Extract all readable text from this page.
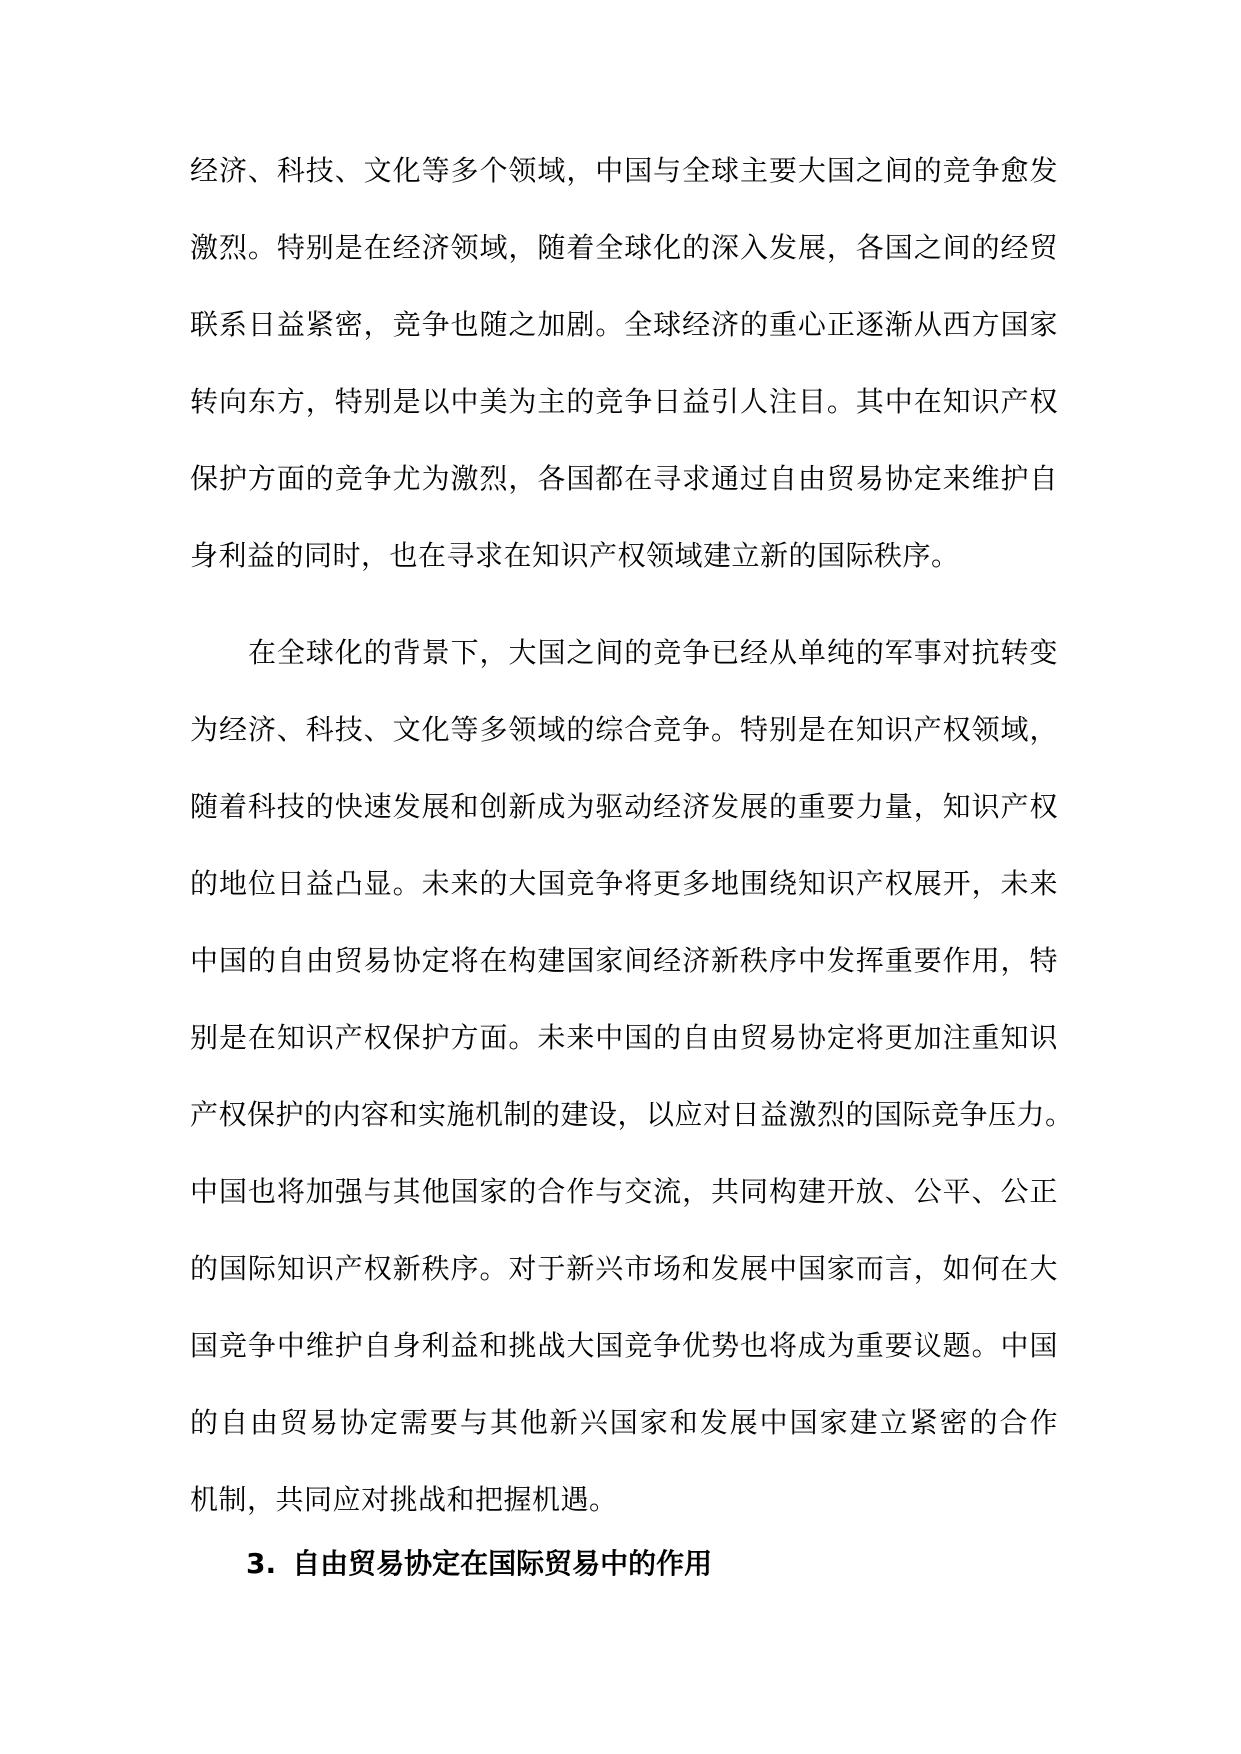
经济、科技、文化等多个领域，中国与全球主要大国之间的竞争愈发
激烈。特别是在经济领域，随着全球化的深入发展，各国之间的经贸
联系日益紧密，竞争也随之加剧。全球经济的重心正逐渐从西方国家
转向东方，特别是以中美为主的竞争日益引人注目。其中在知识产权
保护方面的竞争尤为激烈，各国都在寻求通过自由贸易协定来维护自
身利益的同时，也在寻求在知识产权领域建立新的国际秩序。
在全球化的背景下，大国之间的竞争已经从单纯的军事对抗转变
为经济、科技、文化等多领域的综合竞争。特别是在知识产权领域，
随着科技的快速发展和创新成为驱动经济发展的重要力量，知识产权
的地位日益凸显。未来的大国竞争将更多地围绕知识产权展开，未来
中国的自由贸易协定将在构建国家间经济新秩序中发挥重要作用，特
别是在知识产权保护方面。未来中国的自由贸易协定将更加注重知识
产权保护的内容和实施机制的建设，以应对日益激烈的国际竞争压力。
中国也将加强与其他国家的合作与交流，共同构建开放、公平、公正
的国际知识产权新秩序。对于新兴市场和发展中国家而言，如何在大
国竞争中维护自身利益和挑战大国竞争优势也将成为重要议题。中国
的自由贸易协定需要与其他新兴国家和发展中国家建立紧密的合作
机制，共同应对挑战和把握机遇。
3. 自由贸易协定在国际贸易中的作用
